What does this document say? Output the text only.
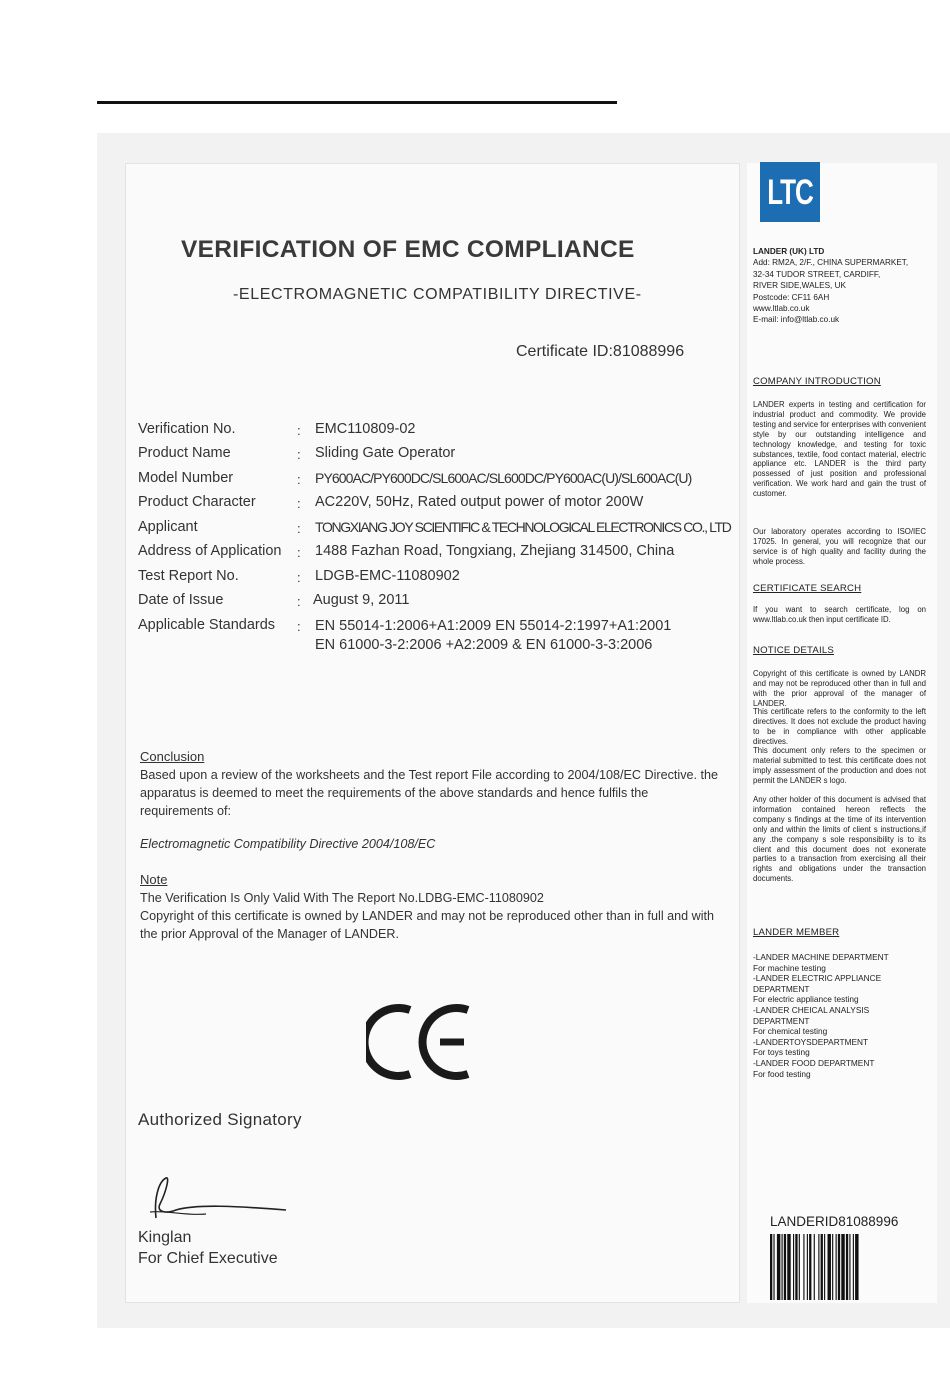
VERIFICATION OF EMC COMPLIANCE
-ELECTROMAGNETIC COMPATIBILITY DIRECTIVE-
Certificate ID:81088996
Verification No.	: EMC110809-02
Product Name	: Sliding Gate Operator
Model Number	: PY600AC/PY600DC/SL600AC/SL600DC/PY600AC(U)/SL600AC(U)
Product Character	: AC220V, 50Hz, Rated output power of motor 200W
Applicant	: TONGXIANG JOY SCIENTIFIC & TECHNOLOGICAL ELECTRONICS CO., LTD
Address of Application : 1488 Fazhan Road, Tongxiang, Zhejiang 314500, China
Test Report No.	: LDGB-EMC-11080902
Date of Issue	: August 9, 2011
Applicable Standards : EN 55014-1:2006+A1:2009 EN 55014-2:1997+A1:2001
EN 61000-3-2:2006 +A2:2009 & EN 61000-3-3:2006
Conclusion
Based upon a review of the worksheets and the Test report File according to 2004/108/EC Directive. the apparatus is deemed to meet the requirements of the above standards and hence fulfils the requirements of:
Electromagnetic Compatibility Directive 2004/108/EC
Note
The Verification Is Only Valid With The Report No.LDBG-EMC-11080902
Copyright of this certificate is owned by LANDER and may not be reproduced other than in full and with the prior Approval of the Manager of LANDER.
Authorized Signatory
Kinglan
For Chief Executive
LTC
LANDER (UK) LTD
Add: RM2A, 2/F., CHINA SUPERMARKET,
32-34 TUDOR STREET, CARDIFF,
RIVER SIDE,WALES, UK
Postcode: CF11 6AH
www.ltlab.co.uk
E-mail: info@ltlab.co.uk
COMPANY INTRODUCTION
LANDER experts in testing and certification for industrial product and commodity. We provide testing and service for enterprises with convenient style by our outstanding intelligence and technology knowledge, and testing for toxic substances, textile, food contact material, electric appliance etc. LANDER is the third party possessed of just position and professional verification. We work hard and gain the trust of customer.
Our laboratory operates according to ISO/IEC 17025. In general, you will recognize that our service is of high quality and facility during the whole process.
CERTIFICATE SEARCH
If you want to search certificate, log on www.ltlab.co.uk then input certificate ID.
NOTICE DETAILS
Copyright of this certificate is owned by LANDR and may not be reproduced other than in full and with the prior approval of the manager of LANDER.
This certificate refers to the conformity to the left directives. It does not exclude the product having to be in compliance with other applicable directives.
This document only refers to the specimen or material submitted to test. this certificate does not imply assessment of the production and does not permit the LANDER s logo.
Any other holder of this document is advised that information contained hereon reflects the company s findings at the time of its intervention only and within the limits of client s instructions,if any .the company s sole responsibility is to its client and this document does not exonerate parties to a transaction from exercising all their rights and obligations under the transaction documents.
LANDER MEMBER
-LANDER MACHINE DEPARTMENT
For machine testing
-LANDER ELECTRIC APPLIANCE
DEPARTMENT
For electric appliance testing
-LANDER CHEICAL ANALYSIS
DEPARTMENT
For chemical testing
-LANDERTOYSDEPARTMENT
For toys testing
-LANDER FOOD DEPARTMENT
For food testing
LANDERID81088996
